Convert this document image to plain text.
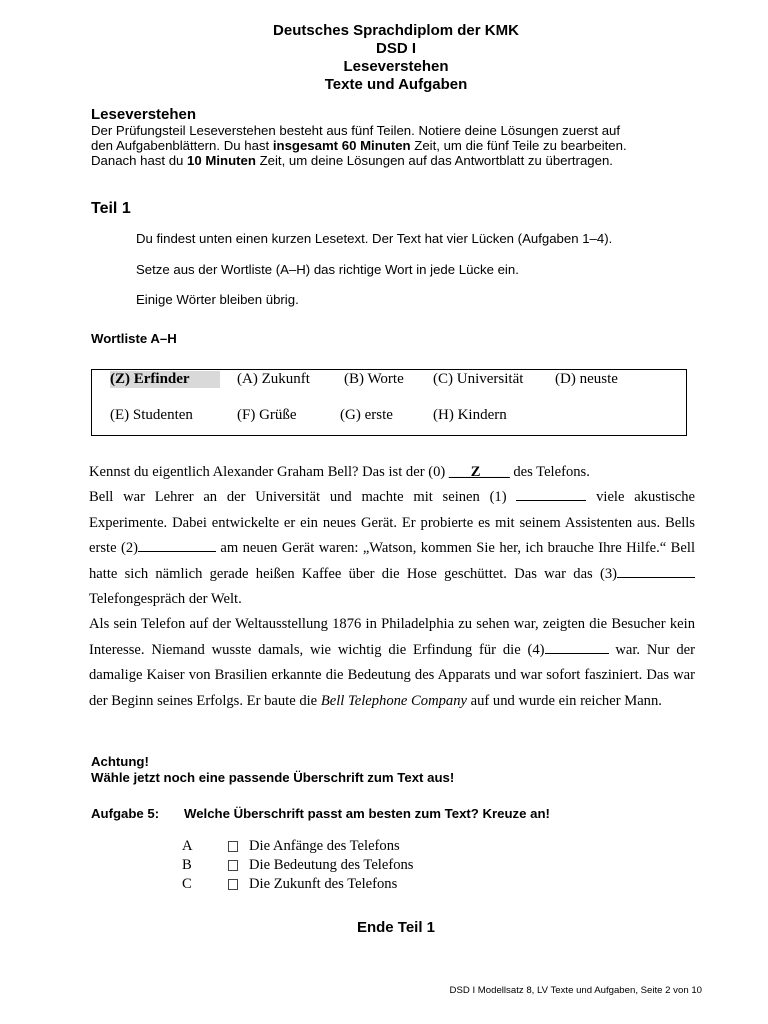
Deutsches Sprachdiplom der KMK
DSD I
Leseverstehen
Texte und Aufgaben
Leseverstehen

Der Prüfungsteil Leseverstehen besteht aus fünf Teilen. Notiere deine Lösungen zuerst auf

den Aufgabenblättern. Du hast insgesamt 60 Minuten Zeit, um die fünf Teile zu bearbeiten.

Danach hast du 10 Minuten Zeit, um deine Lösungen auf das Antwortblatt zu übertragen.

Teil 1
Du findest unten einen kurzen Lesetext. Der Text hat vier Lücken (Aufgaben 1–4).
Setze aus der Wortliste (A–H) das richtige Wort in jede Lücke ein.
Einige Wörter bleiben übrig.
Wortliste A–H
(Z) Erfinder	(A) Zukunft (B) Worte (C) Universität (D) neuste
(E) Studenten	(F) Grüße	(G) erste	(H) Kindern

Kennst du eigentlich Alexander Graham Bell? Das ist der (0) ___Z____ des Telefons.

Bell war Lehrer an der Universität und machte mit seinen (1)	viele akustische Experimente. Dabei entwickelte er ein neues Gerät. Er probierte es mit seinem Assistenten aus. Bells erste (2)	am neuen Gerät waren: „Watson, kommen Sie her, ich brauche Ihre Hilfe.“ Bell hatte sich nämlich gerade heißen Kaffee über die Hose geschüttet. Das war das (3) Telefongespräch der Welt.

Als sein Telefon auf der Weltausstellung 1876 in Philadelphia zu sehen war, zeigten die Besucher kein Interesse. Niemand wusste damals, wie wichtig die Erfindung für die (4)	war. Nur der damalige Kaiser von Brasilien erkannte die Bedeutung des Apparats und war sofort fasziniert. Das war der Beginn seines Erfolgs. Er baute die Bell Telephone Company auf und wurde ein reicher Mann.

Achtung!
Wähle jetzt noch eine passende Überschrift zum Text aus!
Aufgabe 5: Welche Überschrift passt am besten zum Text? Kreuze an!
A	Die Anfänge des Telefons
B	Die Bedeutung des Telefons
C	Die Zukunft des Telefons
Ende Teil 1
DSD I Modellsatz 8, LV Texte und Aufgaben, Seite 2 von 10
